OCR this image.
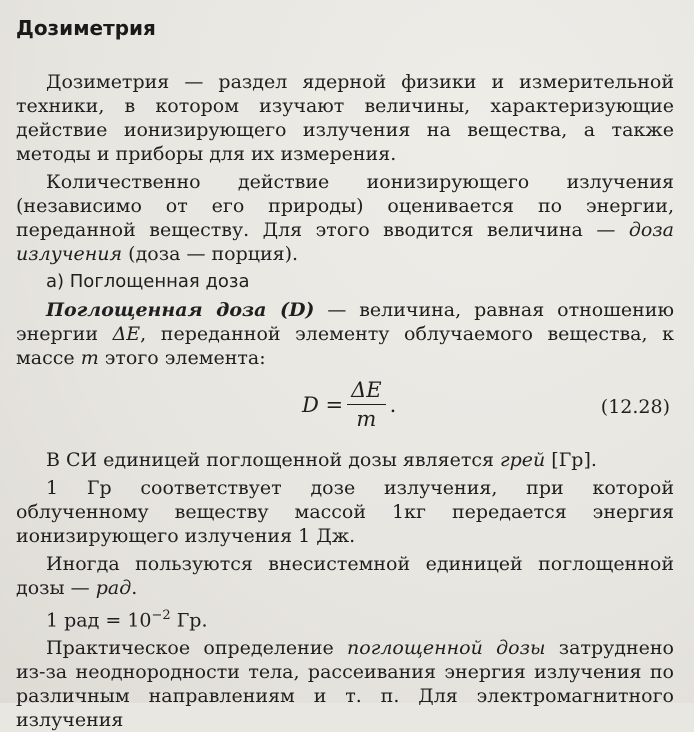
Дозиметрия

Дозиметрия — раздел ядерной физики и измерительной техники, в котором изучают величины, характеризующие действие ионизирующего излучения на вещества, а также методы и приборы для их измерения.

Количественно действие ионизирующего излучения (независимо от его природы) оценивается по энергии, переданной веществу. Для этого вводится величина — доза излучения (доза — порция).

а) Поглощенная доза

Поглощенная доза (D) — величина, равная отношению энергии ΔE, переданной элементу облучаемого вещества, к массе m этого элемента:

$D = \frac{\Delta E}{m}$ .	(12.28)

В СИ единицей поглощенной дозы является грей [Гр].

1 Гр соответствует дозе излучения, при которой облученному веществу массой 1кг передается энергия ионизирующего излучения 1 Дж.

Иногда пользуются внесистемной единицей поглощенной дозы — рад.

1 рад = $10^{-2}$ Гр.

Практическое определение поглощенной дозы затруднено из-за неоднородности тела, рассеивания энергия излучения по различным направлениям и т. п. Для электромагнитного излучения
